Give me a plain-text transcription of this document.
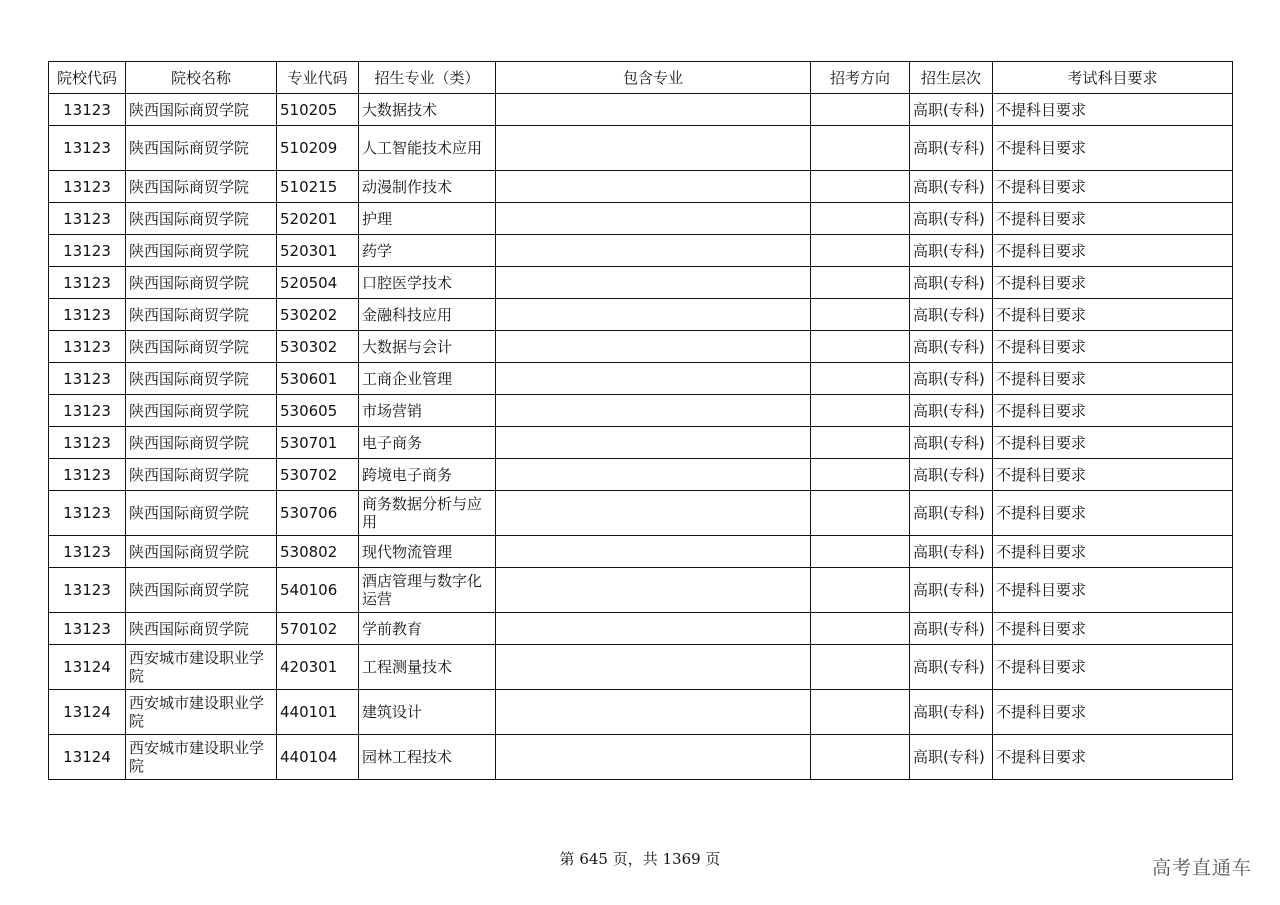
院校代码	院校名称	专业代码	招生专业（类）	包含专业	招考方向	招生层次	考试科目要求
13123	陕西国际商贸学院	510205	大数据技术			高职(专科)	不提科目要求
13123	陕西国际商贸学院	510209	人工智能技术应用			高职(专科)	不提科目要求
13123	陕西国际商贸学院	510215	动漫制作技术			高职(专科)	不提科目要求
13123	陕西国际商贸学院	520201	护理			高职(专科)	不提科目要求
13123	陕西国际商贸学院	520301	药学			高职(专科)	不提科目要求
13123	陕西国际商贸学院	520504	口腔医学技术			高职(专科)	不提科目要求
13123	陕西国际商贸学院	530202	金融科技应用			高职(专科)	不提科目要求
13123	陕西国际商贸学院	530302	大数据与会计			高职(专科)	不提科目要求
13123	陕西国际商贸学院	530601	工商企业管理			高职(专科)	不提科目要求
13123	陕西国际商贸学院	530605	市场营销			高职(专科)	不提科目要求
13123	陕西国际商贸学院	530701	电子商务			高职(专科)	不提科目要求
13123	陕西国际商贸学院	530702	跨境电子商务			高职(专科)	不提科目要求
13123	陕西国际商贸学院	530706	商务数据分析与应用			高职(专科)	不提科目要求
13123	陕西国际商贸学院	530802	现代物流管理			高职(专科)	不提科目要求
13123	陕西国际商贸学院	540106	酒店管理与数字化运营			高职(专科)	不提科目要求
13123	陕西国际商贸学院	570102	学前教育			高职(专科)	不提科目要求
13124	西安城市建设职业学院	420301	工程测量技术			高职(专科)	不提科目要求
13124	西安城市建设职业学院	440101	建筑设计			高职(专科)	不提科目要求
13124	西安城市建设职业学院	440104	园林工程技术			高职(专科)	不提科目要求
第 645 页，共 1369 页	高考直通车
